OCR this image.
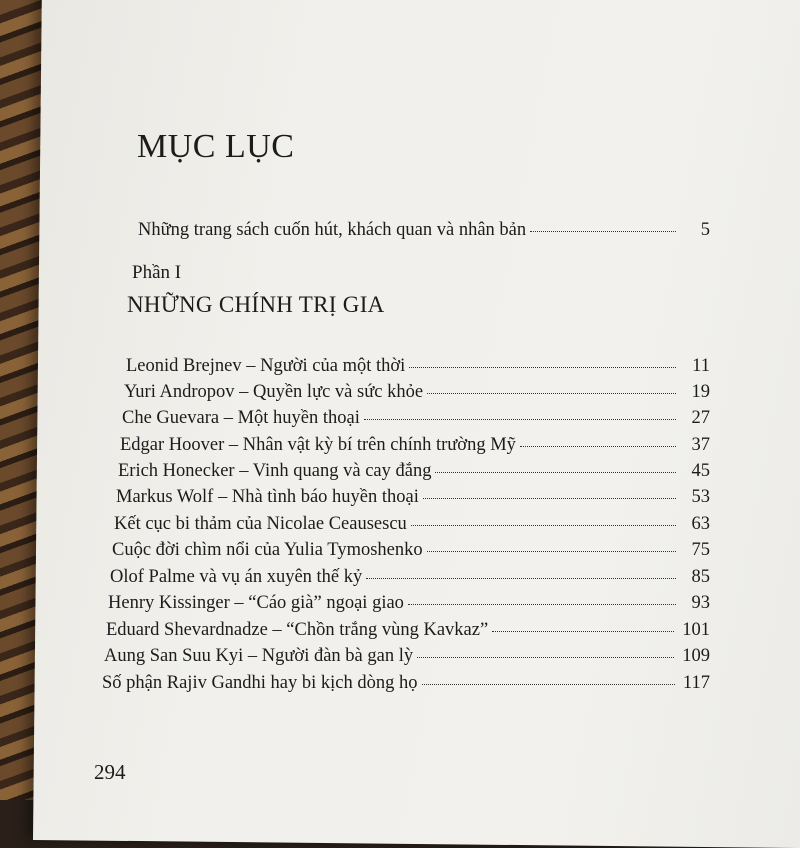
MỤC LỤC
Những trang sách cuốn hút, khách quan và nhân bản	5
Phần I
NHỮNG CHÍNH TRỊ GIA
Leonid Brejnev – Người của một thời	11
Yuri Andropov – Quyền lực và sức khỏe	19
Che Guevara – Một huyền thoại	27
Edgar Hoover – Nhân vật kỳ bí trên chính trường Mỹ	37
Erich Honecker – Vinh quang và cay đắng	45
Markus Wolf – Nhà tình báo huyền thoại	53
Kết cục bi thảm của Nicolae Ceausescu	63
Cuộc đời chìm nổi của Yulia Tymoshenko	75
Olof Palme và vụ án xuyên thế kỷ	85
Henry Kissinger – “Cáo già” ngoại giao	93
Eduard Shevardnadze – “Chồn trắng vùng Kavkaz”	101
Aung San Suu Kyi – Người đàn bà gan lỳ	109
Số phận Rajiv Gandhi hay bi kịch dòng họ	117
294
